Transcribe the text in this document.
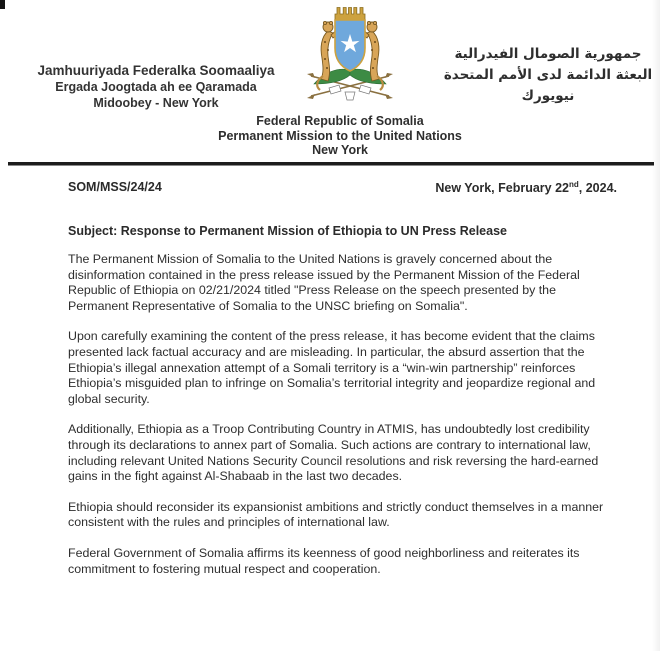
Jamhuuriyada Federalka Soomaaliya
Ergada Joogtada ah ee Qaramada
Midoobey - New York
جمهورية الصومال الفيدرالية
البعثة الدائمة لدى الأمم المتحدة
نيويورك
Federal Republic of Somalia
Permanent Mission to the United Nations
New York
SOM/MSS/24/24	New York, February 22nd, 2024.
Subject: Response to Permanent Mission of Ethiopia to UN Press Release

The Permanent Mission of Somalia to the United Nations is gravely concerned about the disinformation contained in the press release issued by the Permanent Mission of the Federal Republic of Ethiopia on 02/21/2024 titled "Press Release on the speech presented by the Permanent Representative of Somalia to the UNSC briefing on Somalia".

Upon carefully examining the content of the press release, it has become evident that the claims presented lack factual accuracy and are misleading. In particular, the absurd assertion that the Ethiopia’s illegal annexation attempt of a Somali territory is a “win-win partnership” reinforces Ethiopia’s misguided plan to infringe on Somalia’s territorial integrity and jeopardize regional and global security.

Additionally, Ethiopia as a Troop Contributing Country in ATMIS, has undoubtedly lost credibility through its declarations to annex part of Somalia. Such actions are contrary to international law, including relevant United Nations Security Council resolutions and risk reversing the hard-earned gains in the fight against Al-Shabaab in the last two decades.

Ethiopia should reconsider its expansionist ambitions and strictly conduct themselves in a manner consistent with the rules and principles of international law.

Federal Government of Somalia affirms its keenness of good neighborliness and reiterates its commitment to fostering mutual respect and cooperation.
